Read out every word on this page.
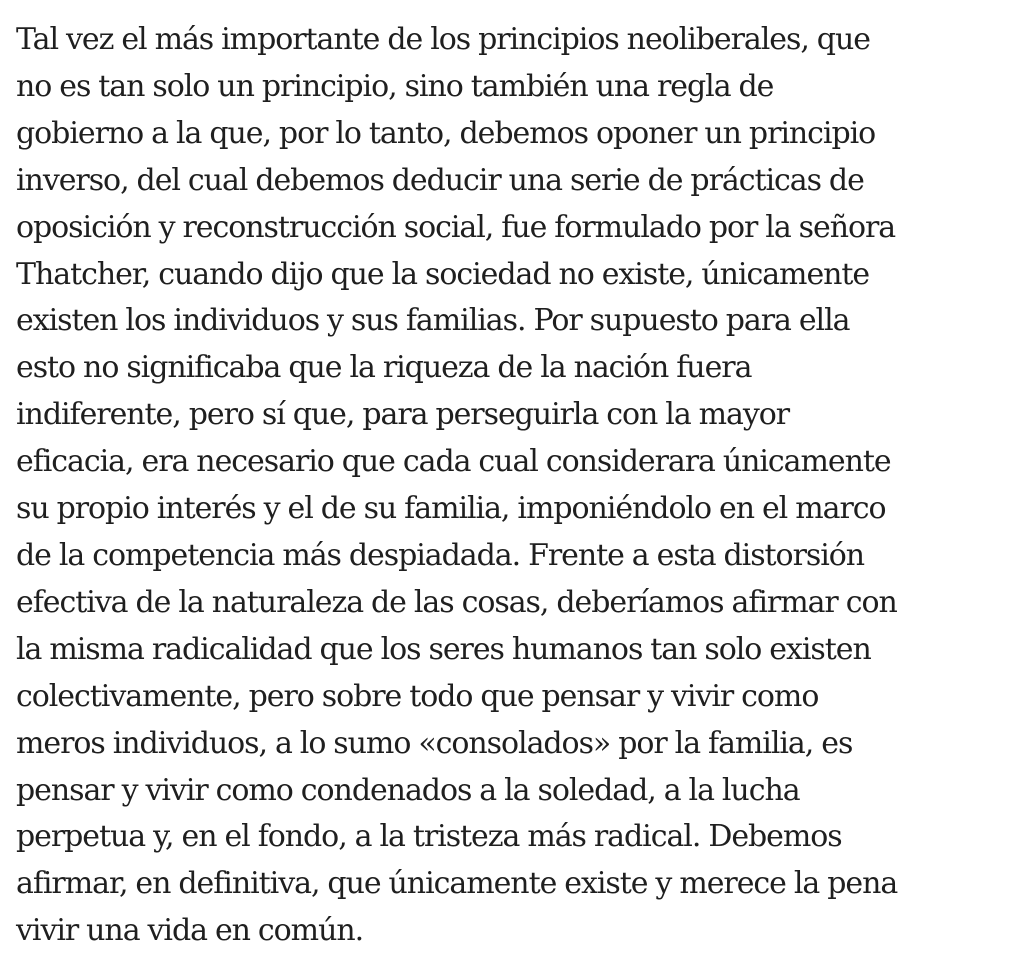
Tal vez el más importante de los principios neoliberales, que
no es tan solo un principio, sino también una regla de
gobierno a la que, por lo tanto, debemos oponer un principio
inverso, del cual debemos deducir una serie de prácticas de
oposición y reconstrucción social, fue formulado por la señora
Thatcher, cuando dijo que la sociedad no existe, únicamente
existen los individuos y sus familias. Por supuesto para ella
esto no significaba que la riqueza de la nación fuera
indiferente, pero sí que, para perseguirla con la mayor
eficacia, era necesario que cada cual considerara únicamente
su propio interés y el de su familia, imponiéndolo en el marco
de la competencia más despiadada. Frente a esta distorsión
efectiva de la naturaleza de las cosas, deberíamos afirmar con
la misma radicalidad que los seres humanos tan solo existen
colectivamente, pero sobre todo que pensar y vivir como
meros individuos, a lo sumo «consolados» por la familia, es
pensar y vivir como condenados a la soledad, a la lucha
perpetua y, en el fondo, a la tristeza más radical. Debemos
afirmar, en definitiva, que únicamente existe y merece la pena
vivir una vida en común.
